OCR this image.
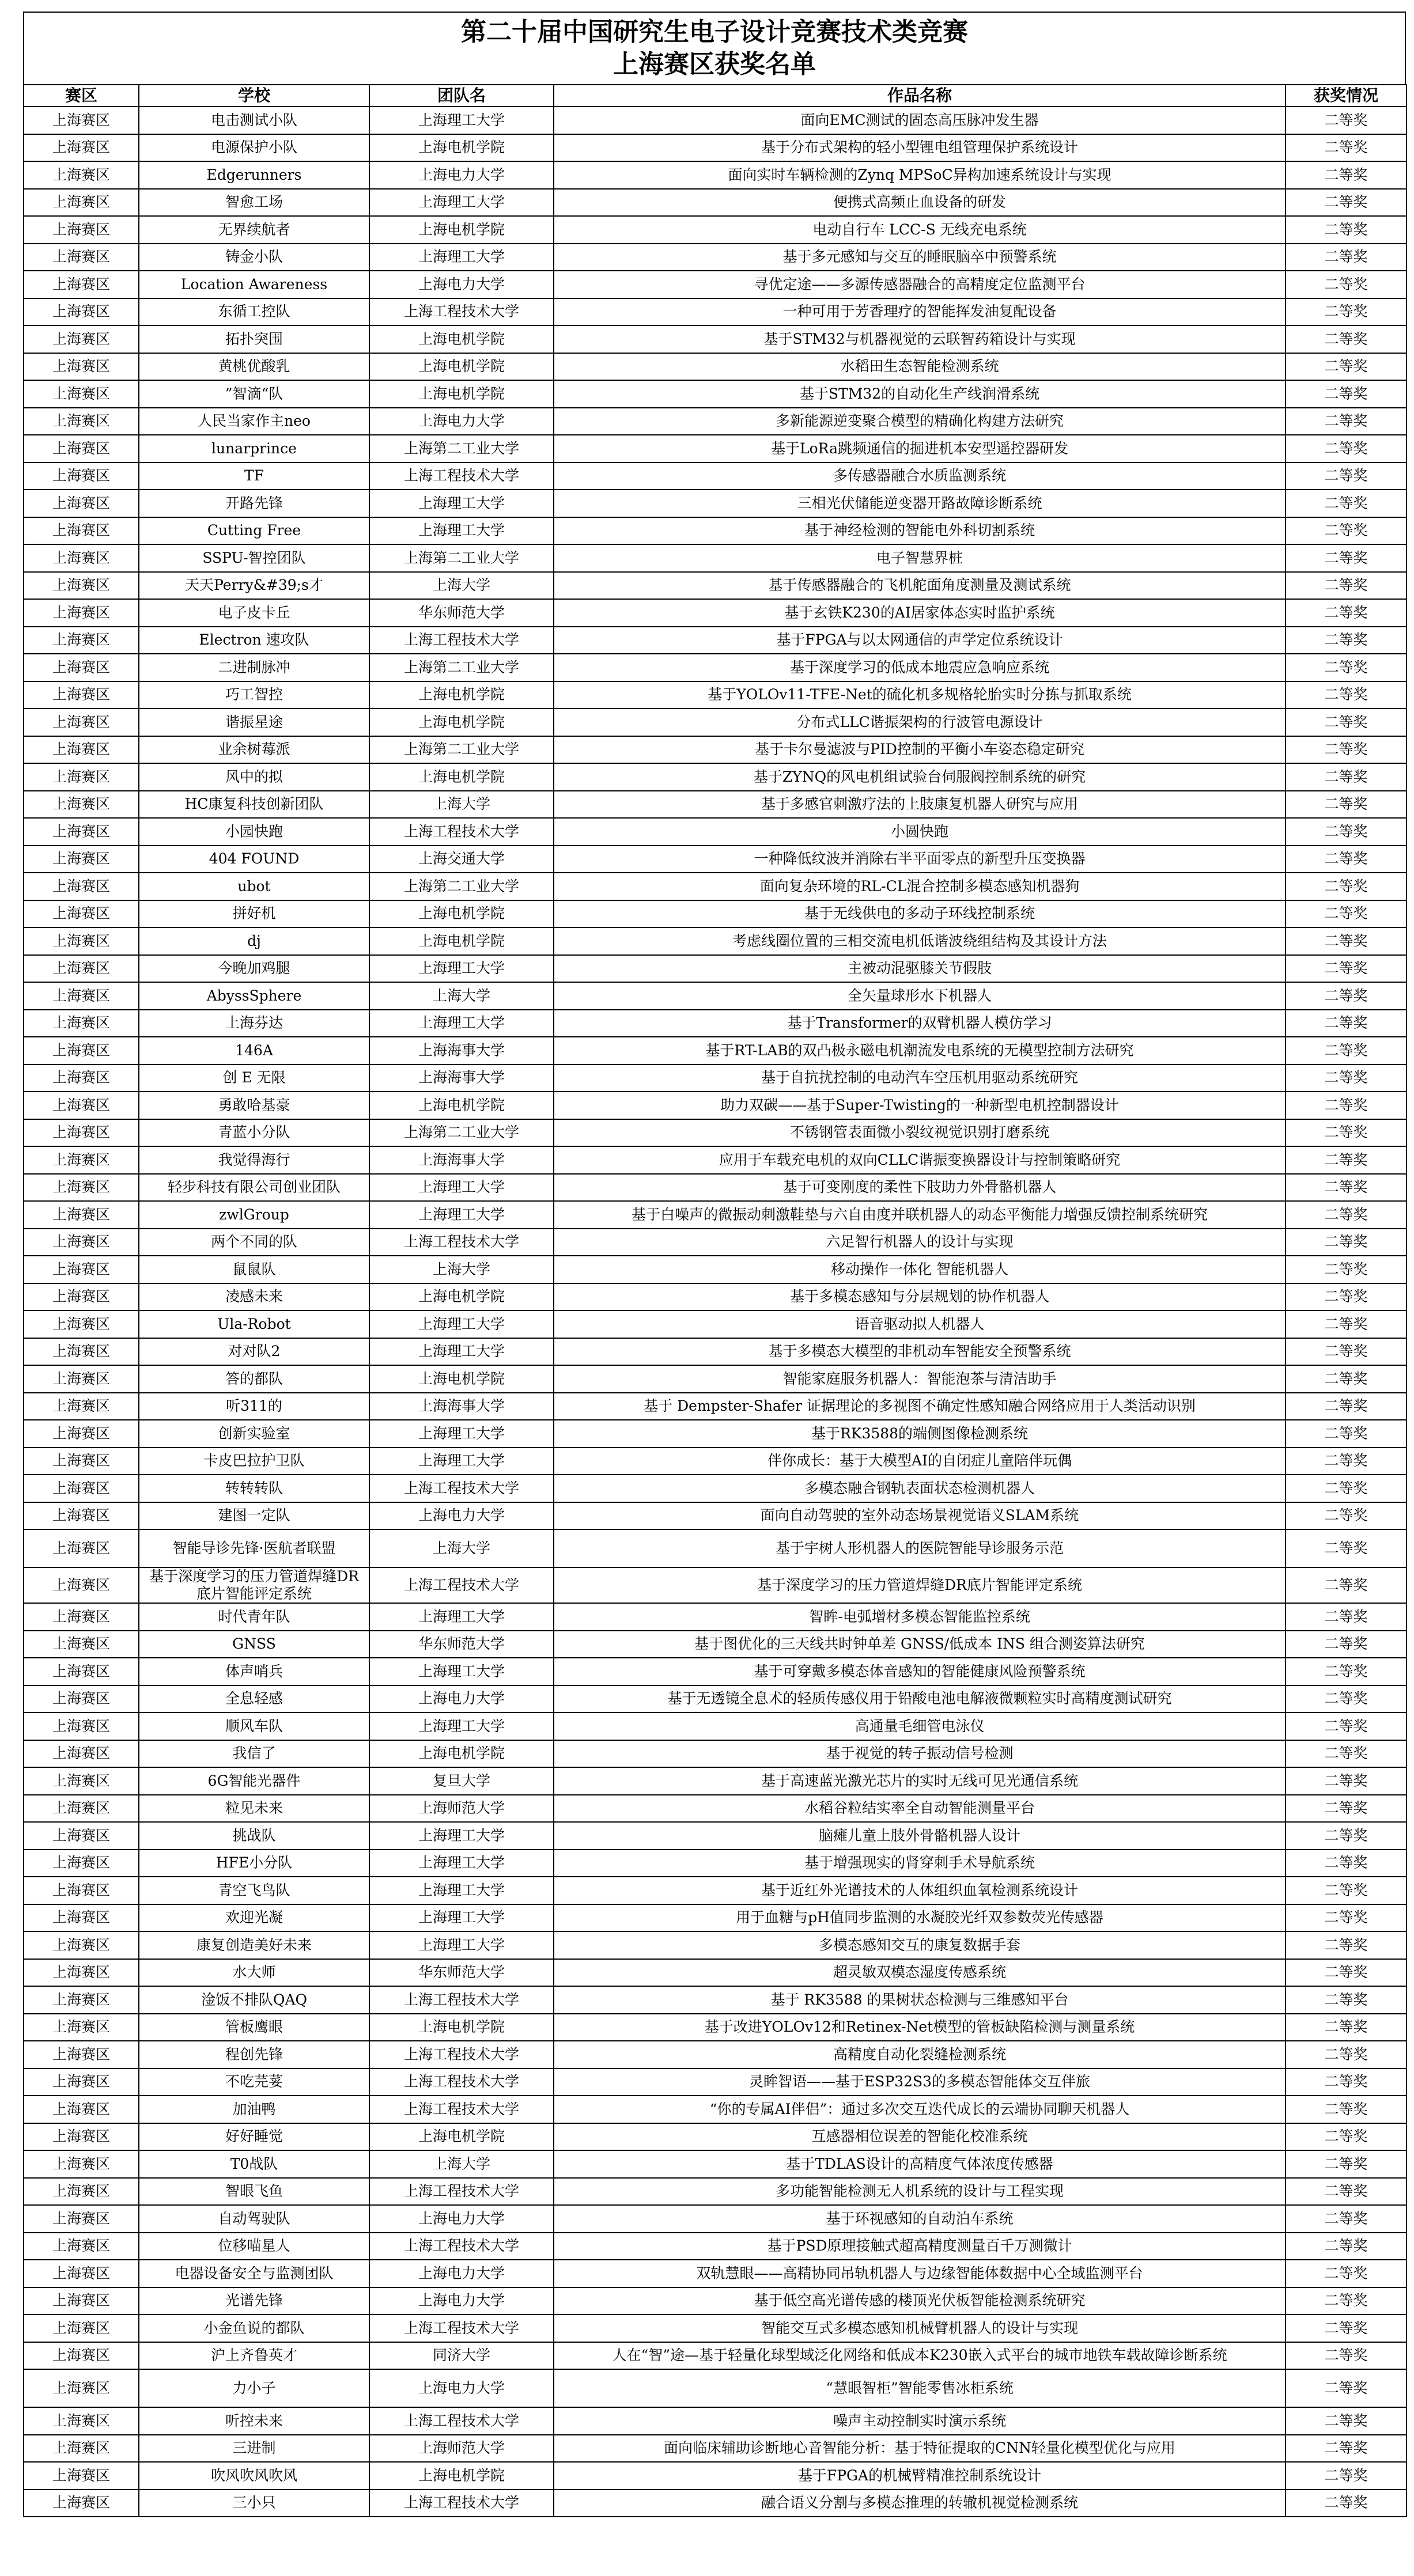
第二十届中国研究生电子设计竞赛技术类竞赛
上海赛区获奖名单
赛区	学校	团队名	作品名称	获奖情况
上海赛区	电击测试小队	上海理工大学	面向EMC测试的固态高压脉冲发生器	二等奖
上海赛区	电源保护小队	上海电机学院	基于分布式架构的轻小型锂电组管理保护系统设计	二等奖
上海赛区	Edgerunners	上海电力大学	面向实时车辆检测的Zynq MPSoC异构加速系统设计与实现	二等奖
上海赛区	智愈工场	上海理工大学	便携式高频止血设备的研发	二等奖
上海赛区	无界续航者	上海电机学院	电动自行车 LCC-S 无线充电系统	二等奖
上海赛区	铸金小队	上海理工大学	基于多元感知与交互的睡眠脑卒中预警系统	二等奖
上海赛区	Location Awareness	上海电力大学	寻优定途——多源传感器融合的高精度定位监测平台	二等奖
上海赛区	东循工控队	上海工程技术大学	一种可用于芳香理疗的智能挥发油复配设备	二等奖
上海赛区	拓扑突围	上海电机学院	基于STM32与机器视觉的云联智药箱设计与实现	二等奖
上海赛区	黄桃优酸乳	上海电机学院	水稻田生态智能检测系统	二等奖
上海赛区	”智滴“队	上海电机学院	基于STM32的自动化生产线润滑系统	二等奖
上海赛区	人民当家作主neo	上海电力大学	多新能源逆变聚合模型的精确化构建方法研究	二等奖
上海赛区	lunarprince	上海第二工业大学	基于LoRa跳频通信的掘进机本安型遥控器研发	二等奖
上海赛区	TF	上海工程技术大学	多传感器融合水质监测系统	二等奖
上海赛区	开路先锋	上海理工大学	三相光伏储能逆变器开路故障诊断系统	二等奖
上海赛区	Cutting Free	上海理工大学	基于神经检测的智能电外科切割系统	二等奖
上海赛区	SSPU-智控团队	上海第二工业大学	电子智慧界桩	二等奖
上海赛区	天天Perry&#39;s才	上海大学	基于传感器融合的飞机舵面角度测量及测试系统	二等奖
上海赛区	电子皮卡丘	华东师范大学	基于玄铁K230的AI居家体态实时监护系统	二等奖
上海赛区	Electron 速攻队	上海工程技术大学	基于FPGA与以太网通信的声学定位系统设计	二等奖
上海赛区	二进制脉冲	上海第二工业大学	基于深度学习的低成本地震应急响应系统	二等奖
上海赛区	巧工智控	上海电机学院	基于YOLOv11-TFE-Net的硫化机多规格轮胎实时分拣与抓取系统	二等奖
上海赛区	谐振星途	上海电机学院	分布式LLC谐振架构的行波管电源设计	二等奖
上海赛区	业余树莓派	上海第二工业大学	基于卡尔曼滤波与PID控制的平衡小车姿态稳定研究	二等奖
上海赛区	风中的拟	上海电机学院	基于ZYNQ的风电机组试验台伺服阀控制系统的研究	二等奖
上海赛区	HC康复科技创新团队	上海大学	基于多感官刺激疗法的上肢康复机器人研究与应用	二等奖
上海赛区	小园快跑	上海工程技术大学	小圆快跑	二等奖
上海赛区	404 FOUND	上海交通大学	一种降低纹波并消除右半平面零点的新型升压变换器	二等奖
上海赛区	ubot	上海第二工业大学	面向复杂环境的RL-CL混合控制多模态感知机器狗	二等奖
上海赛区	拼好机	上海电机学院	基于无线供电的多动子环线控制系统	二等奖
上海赛区	dj	上海电机学院	考虑线圈位置的三相交流电机低谐波绕组结构及其设计方法	二等奖
上海赛区	今晚加鸡腿	上海理工大学	主被动混驱膝关节假肢	二等奖
上海赛区	AbyssSphere	上海大学	全矢量球形水下机器人	二等奖
上海赛区	上海芬达	上海理工大学	基于Transformer的双臂机器人模仿学习	二等奖
上海赛区	146A	上海海事大学	基于RT-LAB的双凸极永磁电机潮流发电系统的无模型控制方法研究	二等奖
上海赛区	创 E 无限	上海海事大学	基于自抗扰控制的电动汽车空压机用驱动系统研究	二等奖
上海赛区	勇敢哈基豪	上海电机学院	助力双碳——基于Super-Twisting的一种新型电机控制器设计	二等奖
上海赛区	青蓝小分队	上海第二工业大学	不锈钢管表面微小裂纹视觉识别打磨系统	二等奖
上海赛区	我觉得海行	上海海事大学	应用于车载充电机的双向CLLC谐振变换器设计与控制策略研究	二等奖
上海赛区	轻步科技有限公司创业团队	上海理工大学	基于可变刚度的柔性下肢助力外骨骼机器人	二等奖
上海赛区	zwlGroup	上海理工大学	基于白噪声的微振动刺激鞋垫与六自由度并联机器人的动态平衡能力增强反馈控制系统研究	二等奖
上海赛区	两个不同的队	上海工程技术大学	六足智行机器人的设计与实现	二等奖
上海赛区	鼠鼠队	上海大学	移动操作一体化 智能机器人	二等奖
上海赛区	凌感未来	上海电机学院	基于多模态感知与分层规划的协作机器人	二等奖
上海赛区	Ula-Robot	上海理工大学	语音驱动拟人机器人	二等奖
上海赛区	对对队2	上海理工大学	基于多模态大模型的非机动车智能安全预警系统	二等奖
上海赛区	答的都队	上海电机学院	智能家庭服务机器人：智能泡茶与清洁助手	二等奖
上海赛区	听311的	上海海事大学	基于 Dempster-Shafer 证据理论的多视图不确定性感知融合网络应用于人类活动识别	二等奖
上海赛区	创新实验室	上海理工大学	基于RK3588的端侧图像检测系统	二等奖
上海赛区	卡皮巴拉护卫队	上海理工大学	伴你成长：基于大模型AI的自闭症儿童陪伴玩偶	二等奖
上海赛区	转转转队	上海工程技术大学	多模态融合钢轨表面状态检测机器人	二等奖
上海赛区	建图一定队	上海电力大学	面向自动驾驶的室外动态场景视觉语义SLAM系统	二等奖
上海赛区	智能导诊先锋·医航者联盟	上海大学	基于宇树人形机器人的医院智能导诊服务示范	二等奖
上海赛区	基于深度学习的压力管道焊缝DR底片智能评定系统	上海工程技术大学	基于深度学习的压力管道焊缝DR底片智能评定系统	二等奖
上海赛区	时代青年队	上海理工大学	智眸-电弧增材多模态智能监控系统	二等奖
上海赛区	GNSS	华东师范大学	基于图优化的三天线共时钟单差 GNSS/低成本 INS 组合测姿算法研究	二等奖
上海赛区	体声哨兵	上海理工大学	基于可穿戴多模态体音感知的智能健康风险预警系统	二等奖
上海赛区	全息轻感	上海电力大学	基于无透镜全息术的轻质传感仪用于铅酸电池电解液微颗粒实时高精度测试研究	二等奖
上海赛区	顺风车队	上海理工大学	高通量毛细管电泳仪	二等奖
上海赛区	我信了	上海电机学院	基于视觉的转子振动信号检测	二等奖
上海赛区	6G智能光器件	复旦大学	基于高速蓝光激光芯片的实时无线可见光通信系统	二等奖
上海赛区	粒见未来	上海师范大学	水稻谷粒结实率全自动智能测量平台	二等奖
上海赛区	挑战队	上海理工大学	脑瘫儿童上肢外骨骼机器人设计	二等奖
上海赛区	HFE小分队	上海理工大学	基于增强现实的肾穿刺手术导航系统	二等奖
上海赛区	青空飞鸟队	上海理工大学	基于近红外光谱技术的人体组织血氧检测系统设计	二等奖
上海赛区	欢迎光凝	上海理工大学	用于血糖与pH值同步监测的水凝胶光纤双参数荧光传感器	二等奖
上海赛区	康复创造美好未来	上海理工大学	多模态感知交互的康复数据手套	二等奖
上海赛区	水大师	华东师范大学	超灵敏双模态湿度传感系统	二等奖
上海赛区	淦饭不排队QAQ	上海工程技术大学	基于 RK3588 的果树状态检测与三维感知平台	二等奖
上海赛区	管板鹰眼	上海电机学院	基于改进YOLOv12和Retinex-Net模型的管板缺陷检测与测量系统	二等奖
上海赛区	程创先锋	上海工程技术大学	高精度自动化裂缝检测系统	二等奖
上海赛区	不吃芫荽	上海工程技术大学	灵眸智语——基于ESP32S3的多模态智能体交互伴旅	二等奖
上海赛区	加油鸭	上海工程技术大学	“你的专属AI伴侣”：通过多次交互迭代成长的云端协同聊天机器人	二等奖
上海赛区	好好睡觉	上海电机学院	互感器相位误差的智能化校准系统	二等奖
上海赛区	T0战队	上海大学	基于TDLAS设计的高精度气体浓度传感器	二等奖
上海赛区	智眼飞鱼	上海工程技术大学	多功能智能检测无人机系统的设计与工程实现	二等奖
上海赛区	自动驾驶队	上海电力大学	基于环视感知的自动泊车系统	二等奖
上海赛区	位移喵星人	上海工程技术大学	基于PSD原理接触式超高精度测量百千万测微计	二等奖
上海赛区	电器设备安全与监测团队	上海电力大学	双轨慧眼——高精协同吊轨机器人与边缘智能体数据中心全域监测平台	二等奖
上海赛区	光谱先锋	上海电力大学	基于低空高光谱传感的楼顶光伏板智能检测系统研究	二等奖
上海赛区	小金鱼说的都队	上海工程技术大学	智能交互式多模态感知机械臂机器人的设计与实现	二等奖
上海赛区	沪上齐鲁英才	同济大学	人在“智”途—基于轻量化球型域泛化网络和低成本K230嵌入式平台的城市地铁车载故障诊断系统	二等奖
上海赛区	力小子	上海电力大学	“慧眼智柜”智能零售冰柜系统	二等奖
上海赛区	听控未来	上海工程技术大学	噪声主动控制实时演示系统	二等奖
上海赛区	三进制	上海师范大学	面向临床辅助诊断地心音智能分析：基于特征提取的CNN轻量化模型优化与应用	二等奖
上海赛区	吹风吹风吹风	上海电机学院	基于FPGA的机械臂精准控制系统设计	二等奖
上海赛区	三小只	上海工程技术大学	融合语义分割与多模态推理的转辙机视觉检测系统	二等奖
